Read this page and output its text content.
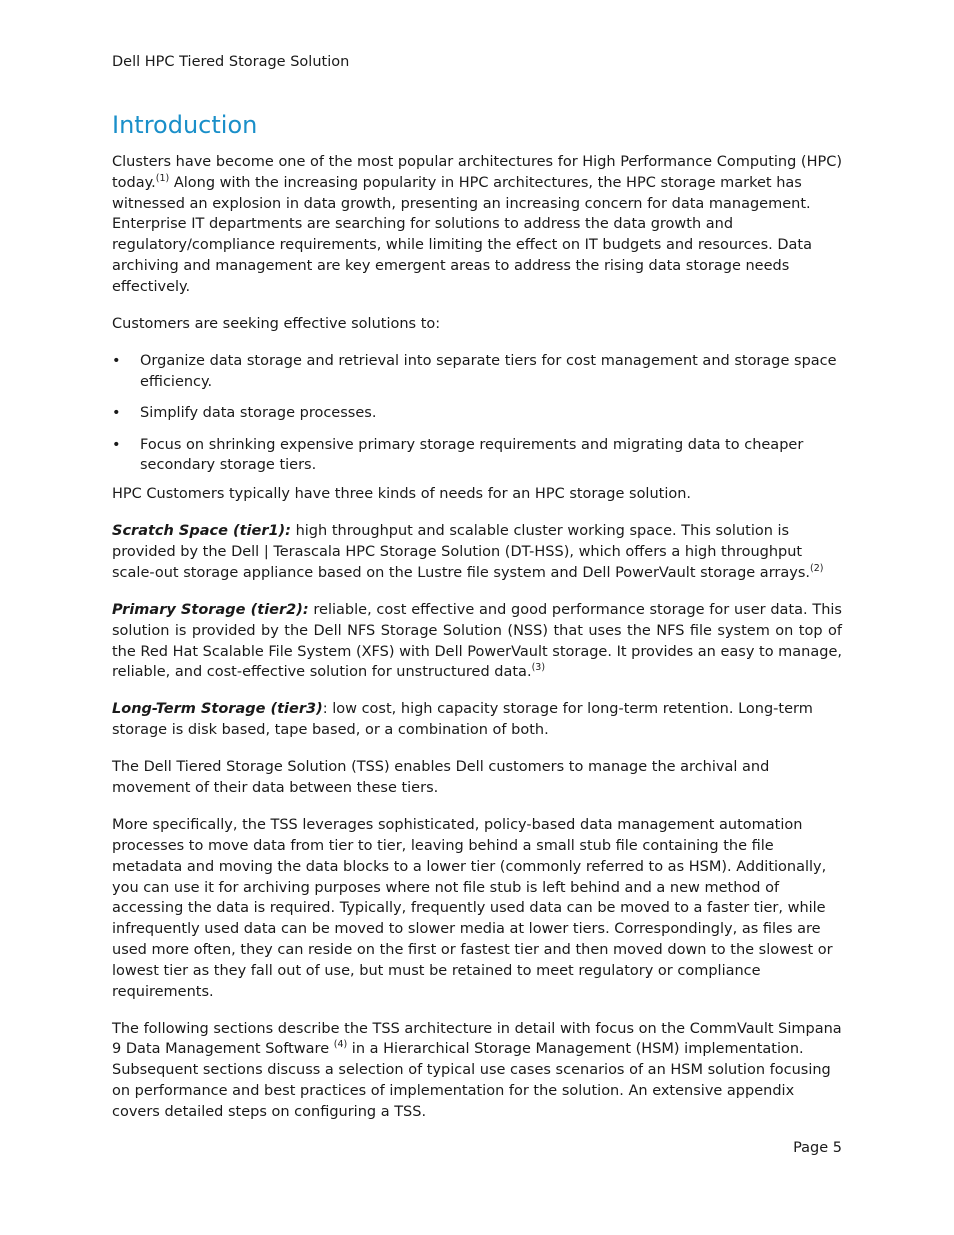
Dell HPC Tiered Storage Solution
Introduction

Clusters have become one of the most popular architectures for High Performance Computing (HPC) today.$^{(1)}$ Along with the increasing popularity in HPC architectures, the HPC storage market has witnessed an explosion in data growth, presenting an increasing concern for data management. Enterprise IT departments are searching for solutions to address the data growth and regulatory/compliance requirements, while limiting the effect on IT budgets and resources. Data archiving and management are key emergent areas to address the rising data storage needs effectively.

Customers are seeking effective solutions to:

• Organize data storage and retrieval into separate tiers for cost management and storage space efficiency.
• Simplify data storage processes.
• Focus on shrinking expensive primary storage requirements and migrating data to cheaper secondary storage tiers.

HPC Customers typically have three kinds of needs for an HPC storage solution.

Scratch Space (tier1): high throughput and scalable cluster working space. This solution is provided by the Dell | Terascala HPC Storage Solution (DT-HSS), which offers a high throughput scale-out storage appliance based on the Lustre file system and Dell PowerVault storage arrays.$^{(2)}$

Primary Storage (tier2): reliable, cost effective and good performance storage for user data. This solution is provided by the Dell NFS Storage Solution (NSS) that uses the NFS file system on top of the Red Hat Scalable File System (XFS) with Dell PowerVault storage. It provides an easy to manage, reliable, and cost-effective solution for unstructured data.$^{(3)}$

Long-Term Storage (tier3): low cost, high capacity storage for long-term retention. Long-term storage is disk based, tape based, or a combination of both.

The Dell Tiered Storage Solution (TSS) enables Dell customers to manage the archival and movement of their data between these tiers.

More specifically, the TSS leverages sophisticated, policy-based data management automation processes to move data from tier to tier, leaving behind a small stub file containing the file metadata and moving the data blocks to a lower tier (commonly referred to as HSM). Additionally, you can use it for archiving purposes where not file stub is left behind and a new method of accessing the data is required. Typically, frequently used data can be moved to a faster tier, while infrequently used data can be moved to slower media at lower tiers. Correspondingly, as files are used more often, they can reside on the first or fastest tier and then moved down to the slowest or lowest tier as they fall out of use, but must be retained to meet regulatory or compliance requirements.

The following sections describe the TSS architecture in detail with focus on the CommVault Simpana 9 Data Management Software $^{(4)}$ in a Hierarchical Storage Management (HSM) implementation. Subsequent sections discuss a selection of typical use cases scenarios of an HSM solution focusing on performance and best practices of implementation for the solution. An extensive appendix covers detailed steps on configuring a TSS.

Page 5
